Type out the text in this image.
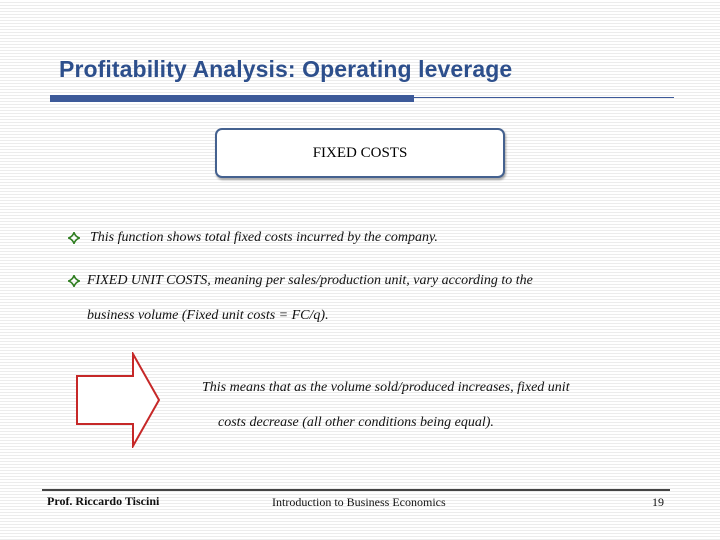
Profitability Analysis: Operating leverage
FIXED COSTS
This function shows total fixed costs incurred by the company.
FIXED UNIT COSTS, meaning per sales/production unit, vary according to the
business volume (Fixed unit costs = FC/q).
This means that as the volume sold/produced increases, fixed unit
costs decrease (all other conditions being equal).
Prof. Riccardo Tiscini	Introduction to Business Economics	19
